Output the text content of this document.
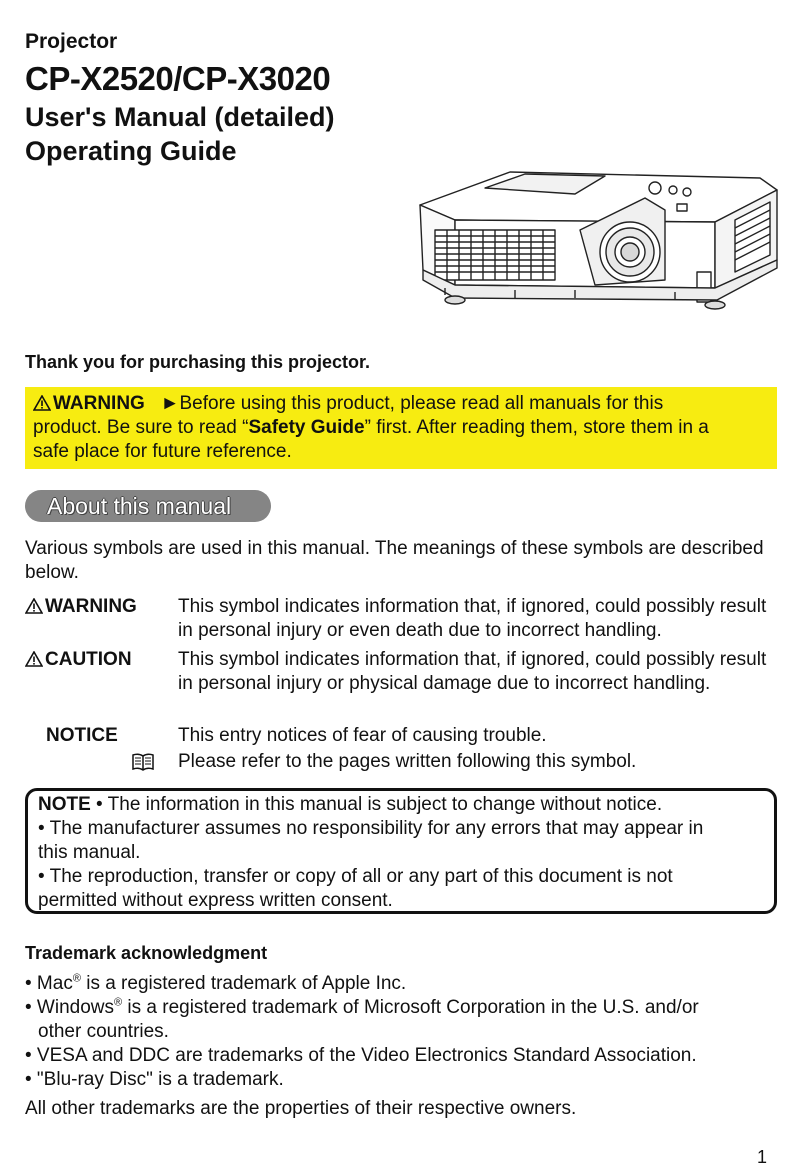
Projector
CP-X2520/CP-X3020
User's Manual (detailed)
Operating Guide
Thank you for purchasing this projector.
WARNING ►Before using this product, please read all manuals for this
product. Be sure to read “Safety Guide” first. After reading them, store them in a
safe place for future reference.
About this manual
Various symbols are used in this manual. The meanings of these symbols are described below.
WARNING This symbol indicates information that, if ignored, could possibly result in personal injury or even death due to incorrect handling.
CAUTION This symbol indicates information that, if ignored, could possibly result in personal injury or physical damage due to incorrect handling.
NOTICE	This entry notices of fear of causing trouble.
Please refer to the pages written following this symbol.
NOTE • The information in this manual is subject to change without notice.
• The manufacturer assumes no responsibility for any errors that may appear in
this manual.
• The reproduction, transfer or copy of all or any part of this document is not
permitted without express written consent.
Trademark acknowledgment
• Mac® is a registered trademark of Apple Inc.
• Windows® is a registered trademark of Microsoft Corporation in the U.S. and/or
other countries.
• VESA and DDC are trademarks of the Video Electronics Standard Association.
• "Blu-ray Disc" is a trademark.
All other trademarks are the properties of their respective owners.
1
